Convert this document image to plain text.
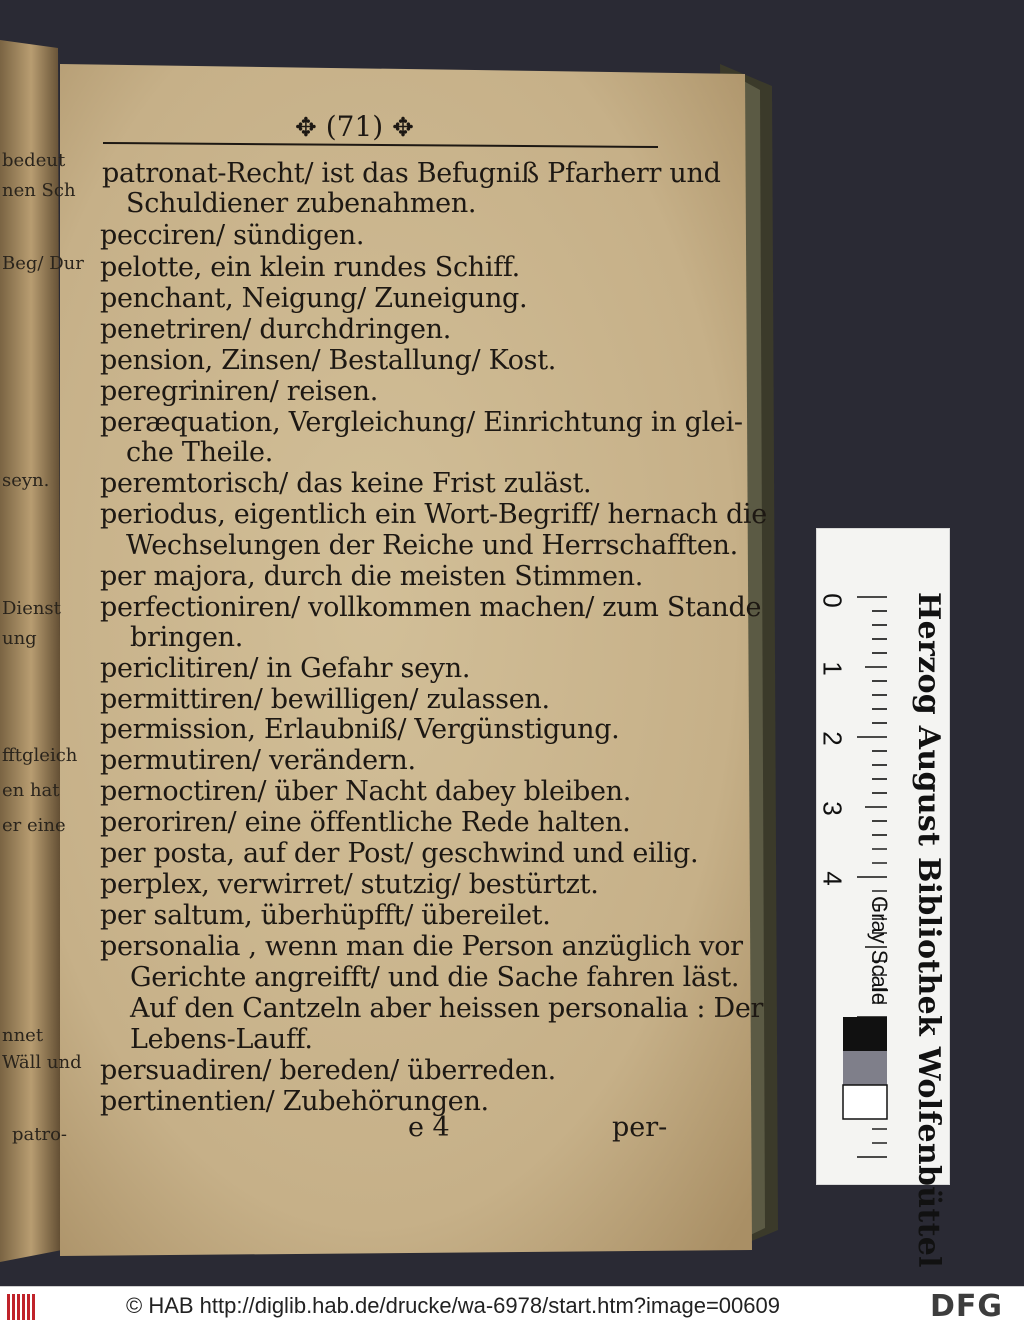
✥ (71) ✥
patronat-Recht/ ist das Befugniß Pfarherr und
Schuldiener zubenahmen.
pecciren/ sündigen.
pelotte, ein klein rundes Schiff.
penchant, Neigung/ Zuneigung.
penetriren/ durchdringen.
pension, Zinsen/ Bestallung/ Kost.
peregriniren/ reisen.
peræquation, Vergleichung/ Einrichtung in glei-
che Theile.
peremtorisch/ das keine Frist zuläst.
periodus, eigentlich ein Wort-Begriff/ hernach die
Wechselungen der Reiche und Herrschafften.
per majora, durch die meisten Stimmen.
perfectioniren/ vollkommen machen/ zum Stande
bringen.
periclitiren/ in Gefahr seyn.
permittiren/ bewilligen/ zulassen.
permission, Erlaubniß/ Vergünstigung.
permutiren/ verändern.
pernoctiren/ über Nacht dabey bleiben.
peroriren/ eine öffentliche Rede halten.
per posta, auf der Post/ geschwind und eilig.
perplex, verwirret/ stutzig/ bestürtzt.
per saltum, überhüpfft/ übereilet.
personalia , wenn man die Person anzüglich vor
Gerichte angreifft/ und die Sache fahren läst.
Auf den Cantzeln aber heissen personalia : Der
Lebens-Lauff.
persuadiren/ bereden/ überreden.
pertinentien/ Zubehörungen.
e 4	per-
bedeut
nen Sch
Beg/ Dur
seyn.
Dienst
ung
fftgleich
en hat
er eine
nnet
Wäll und
patro-
0
1
2
3
4 Herzog August Bibliothek Wolfenbüttel
Gray Scale
© HAB http://diglib.hab.de/drucke/wa-6978/start.htm?image=00609	DFG
